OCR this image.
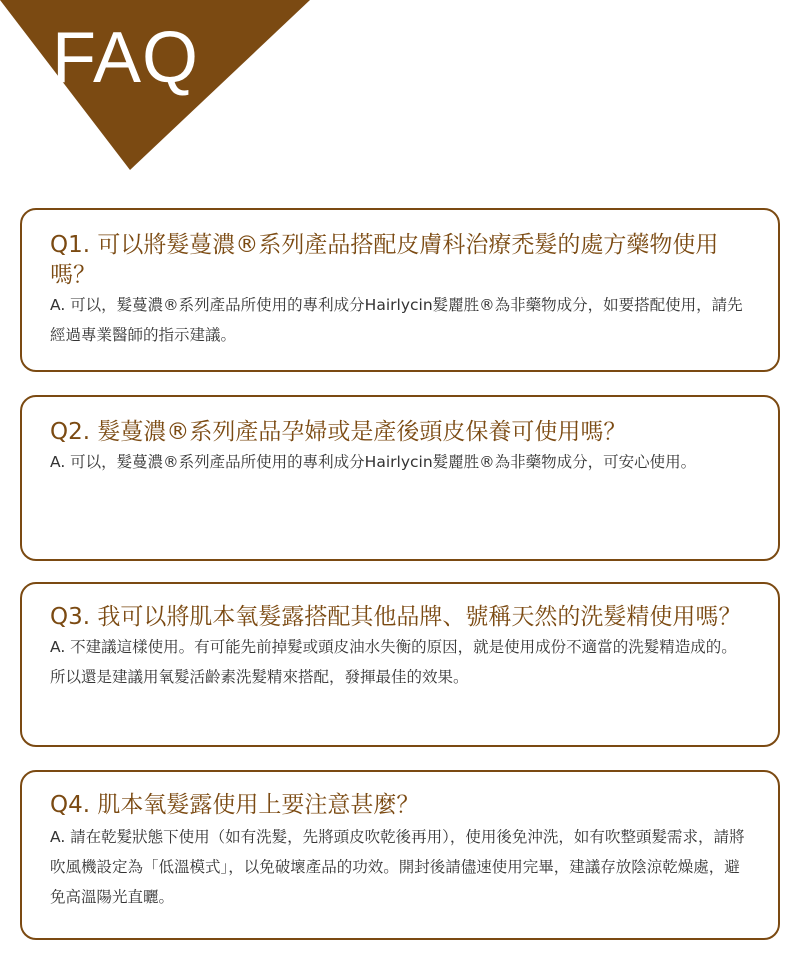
FAQ

Q1. 可以將髮蔓濃®系列產品搭配皮膚科治療禿髮的處方藥物使用嗎？

A. 可以，髮蔓濃®系列產品所使用的專利成分Hairlycin髮麗胜®為非藥物成分，如要搭配使用，請先經過專業醫師的指示建議。

Q2. 髮蔓濃®系列產品孕婦或是產後頭皮保養可使用嗎？

A. 可以，髮蔓濃®系列產品所使用的專利成分Hairlycin髮麗胜®為非藥物成分，可安心使用。

Q3. 我可以將肌本氧髮露搭配其他品牌、號稱天然的洗髮精使用嗎？

A. 不建議這樣使用。有可能先前掉髮或頭皮油水失衡的原因，就是使用成份不適當的洗髮精造成的。所以還是建議用氧髮活齡素洗髮精來搭配，發揮最佳的效果。

Q4. 肌本氧髮露使用上要注意甚麼？

A. 請在乾髮狀態下使用（如有洗髮，先將頭皮吹乾後再用），使用後免沖洗，如有吹整頭髮需求，請將吹風機設定為「低溫模式」，以免破壞產品的功效。開封後請儘速使用完畢，建議存放陰涼乾燥處，避免高溫陽光直曬。
